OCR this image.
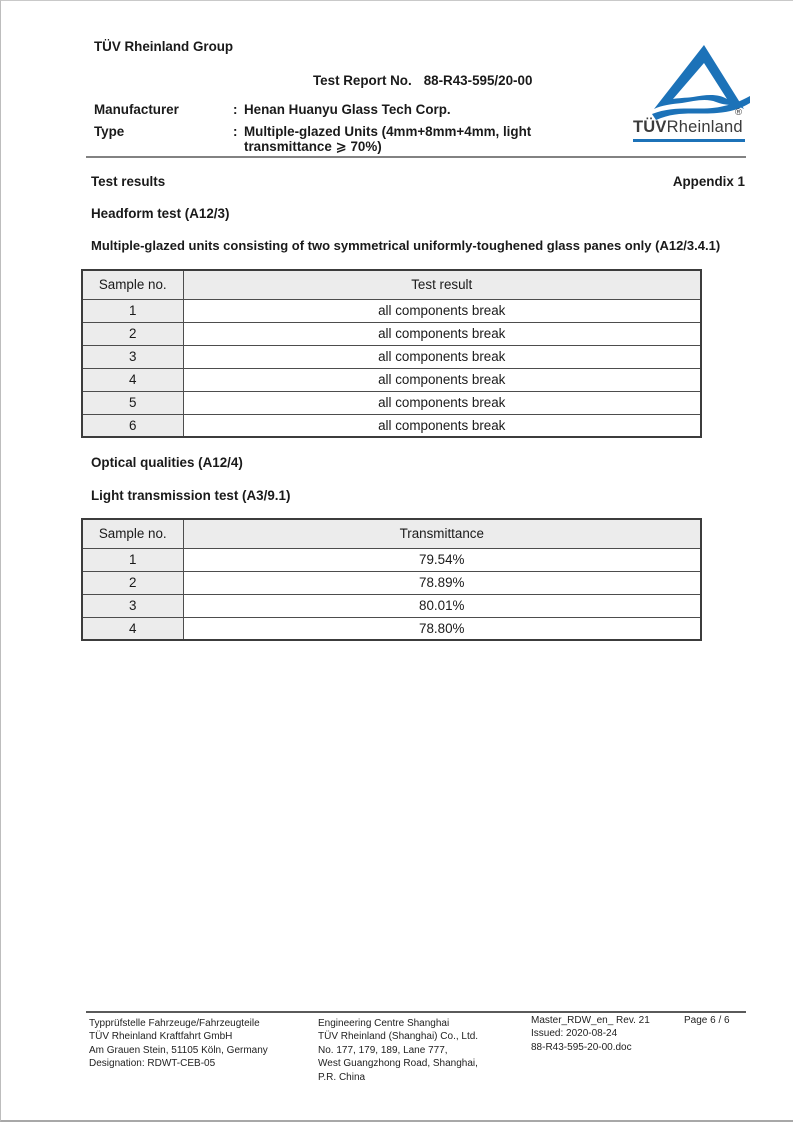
TÜV Rheinland Group
Test Report No. 88-R43-595/20-00
Manufacturer	: Henan Huanyu Glass Tech Corp.
Type	: Multiple-glazed Units (4mm+8mm+4mm, light
transmittance ⩾ 70%)
®
TÜVRheinland
Test results	Appendix 1
Headform test (A12/3)
Multiple-glazed units consisting of two symmetrical uniformly-toughened glass panes only (A12/3.4.1)
Sample no.	Test result
1	all components break
2	all components break
3	all components break
4	all components break
5	all components break
6	all components break
Optical qualities (A12/4)
Light transmission test (A3/9.1)
Sample no.	Transmittance
1	79.54%
2	78.89%
3	80.01%
4	78.80%
Typprüfstelle Fahrzeuge/Fahrzeugteile
TÜV Rheinland Kraftfahrt GmbH
Am Grauen Stein, 51105 Köln, Germany
Designation: RDWT-CEB-05
Engineering Centre Shanghai
TÜV Rheinland (Shanghai) Co., Ltd.
No. 177, 179, 189, Lane 777,
West Guangzhong Road, Shanghai,
P.R. China
Master_RDW_en_ Rev. 21
Issued: 2020-08-24
88-R43-595-20-00.doc
Page 6 / 6
